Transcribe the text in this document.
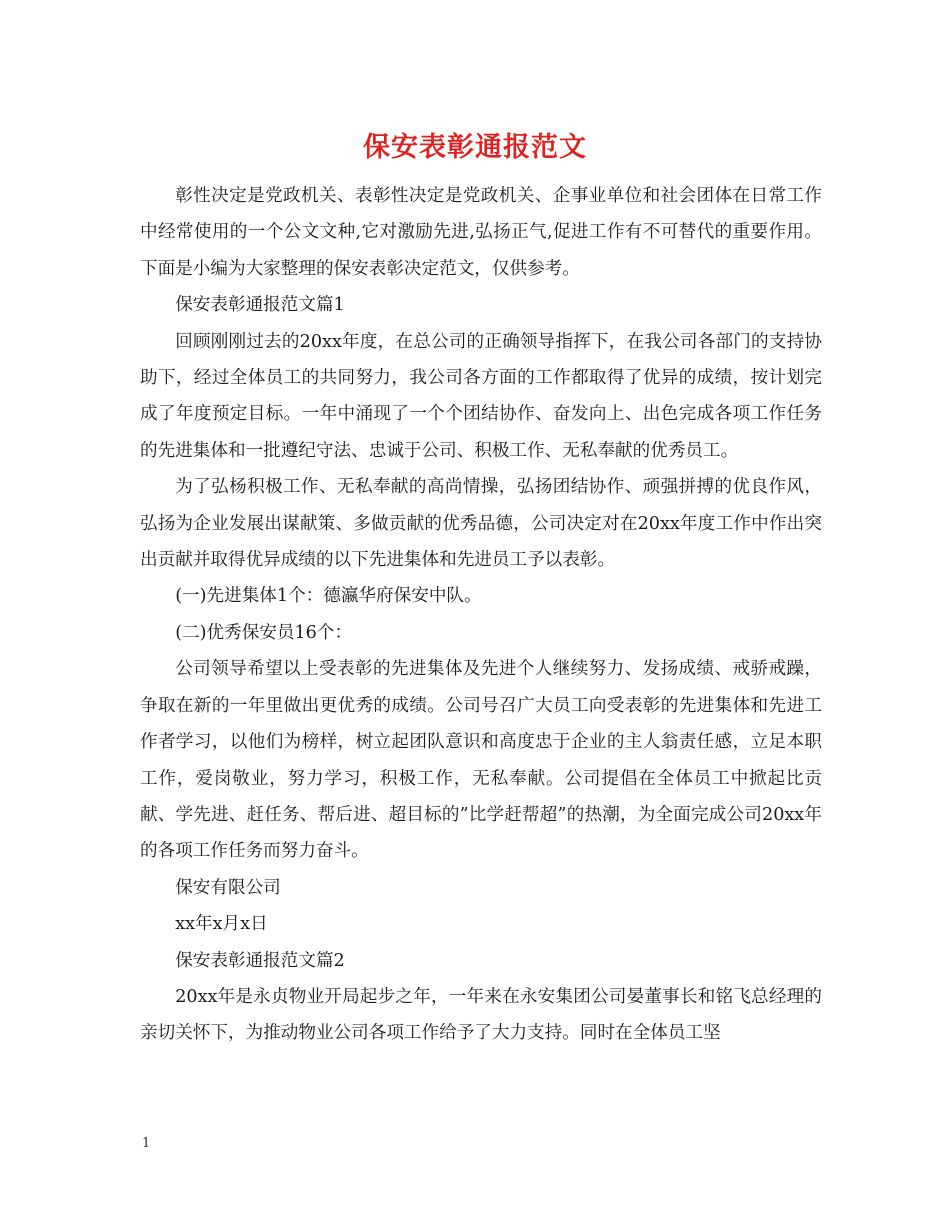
保安表彰通报范文

彰性决定是党政机关、表彰性决定是党政机关、企事业单位和社会团体在日常工作中经常使用的一个公文文种,它对激励先进,弘扬正气,促进工作有不可替代的重要作用。下面是小编为大家整理的保安表彰决定范文，仅供参考。

保安表彰通报范文篇1

回顾刚刚过去的20xx年度，在总公司的正确领导指挥下，在我公司各部门的支持协助下，经过全体员工的共同努力，我公司各方面的工作都取得了优异的成绩，按计划完成了年度预定目标。一年中涌现了一个个团结协作、奋发向上、出色完成各项工作任务的先进集体和一批遵纪守法、忠诚于公司、积极工作、无私奉献的优秀员工。

为了弘杨积极工作、无私奉献的高尚情操，弘扬团结协作、顽强拼搏的优良作风，弘扬为企业发展出谋献策、多做贡献的优秀品德，公司决定对在20xx年度工作中作出突出贡献并取得优异成绩的以下先进集体和先进员工予以表彰。

(一)先进集体1个：德瀛华府保安中队。

(二)优秀保安员16个：

公司领导希望以上受表彰的先进集体及先进个人继续努力、发扬成绩、戒骄戒躁，争取在新的一年里做出更优秀的成绩。公司号召广大员工向受表彰的先进集体和先进工作者学习，以他们为榜样，树立起团队意识和高度忠于企业的主人翁责任感，立足本职工作，爱岗敬业，努力学习，积极工作，无私奉献。公司提倡在全体员工中掀起比贡献、学先进、赶任务、帮后进、超目标的”比学赶帮超”的热潮，为全面完成公司20xx年的各项工作任务而努力奋斗。

保安有限公司

xx年x月x日

保安表彰通报范文篇2

20xx年是永贞物业开局起步之年，一年来在永安集团公司晏董事长和铭飞总经理的亲切关怀下，为推动物业公司各项工作给予了大力支持。同时在全体员工坚

1
